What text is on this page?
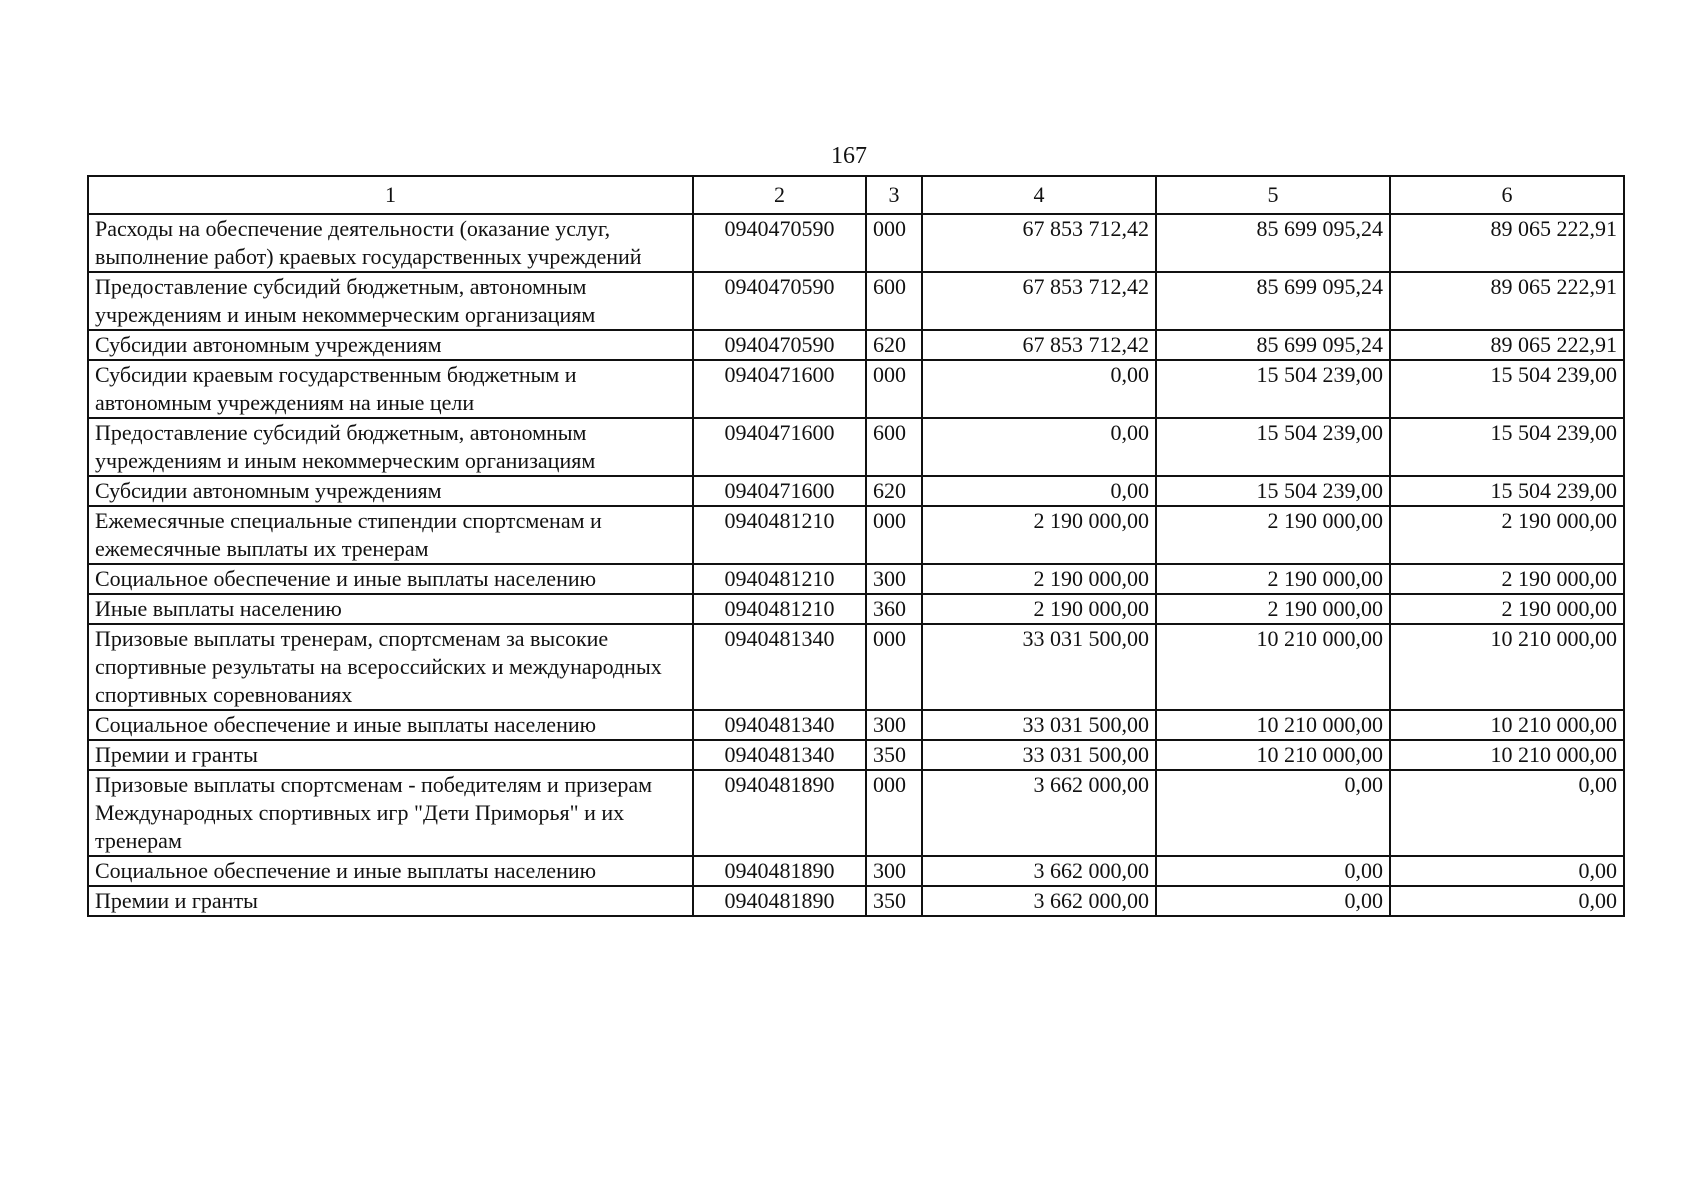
167
1	2	3	4	5	6
Расходы на обеспечение деятельности (оказание услуг, выполнение работ) краевых государственных учреждений	0940470590	000	67 853 712,42	85 699 095,24	89 065 222,91
Предоставление субсидий бюджетным, автономным учреждениям и иным некоммерческим организациям	0940470590	600	67 853 712,42	85 699 095,24	89 065 222,91
Субсидии автономным учреждениям	0940470590	620	67 853 712,42	85 699 095,24	89 065 222,91
Субсидии краевым государственным бюджетным и автономным учреждениям на иные цели	0940471600	000	0,00	15 504 239,00	15 504 239,00
Предоставление субсидий бюджетным, автономным учреждениям и иным некоммерческим организациям	0940471600	600	0,00	15 504 239,00	15 504 239,00
Субсидии автономным учреждениям	0940471600	620	0,00	15 504 239,00	15 504 239,00
Ежемесячные специальные стипендии спортсменам и ежемесячные выплаты их тренерам	0940481210	000	2 190 000,00	2 190 000,00	2 190 000,00
Социальное обеспечение и иные выплаты населению	0940481210	300	2 190 000,00	2 190 000,00	2 190 000,00
Иные выплаты населению	0940481210	360	2 190 000,00	2 190 000,00	2 190 000,00
Призовые выплаты тренерам, спортсменам за высокие спортивные результаты на всероссийских и международных спортивных соревнованиях	0940481340	000	33 031 500,00	10 210 000,00	10 210 000,00
Социальное обеспечение и иные выплаты населению	0940481340	300	33 031 500,00	10 210 000,00	10 210 000,00
Премии и гранты	0940481340	350	33 031 500,00	10 210 000,00	10 210 000,00
Призовые выплаты спортсменам - победителям и призерам Международных спортивных игр "Дети Приморья" и их тренерам	0940481890	000	3 662 000,00	0,00	0,00
Социальное обеспечение и иные выплаты населению	0940481890	300	3 662 000,00	0,00	0,00
Премии и гранты	0940481890	350	3 662 000,00	0,00	0,00
